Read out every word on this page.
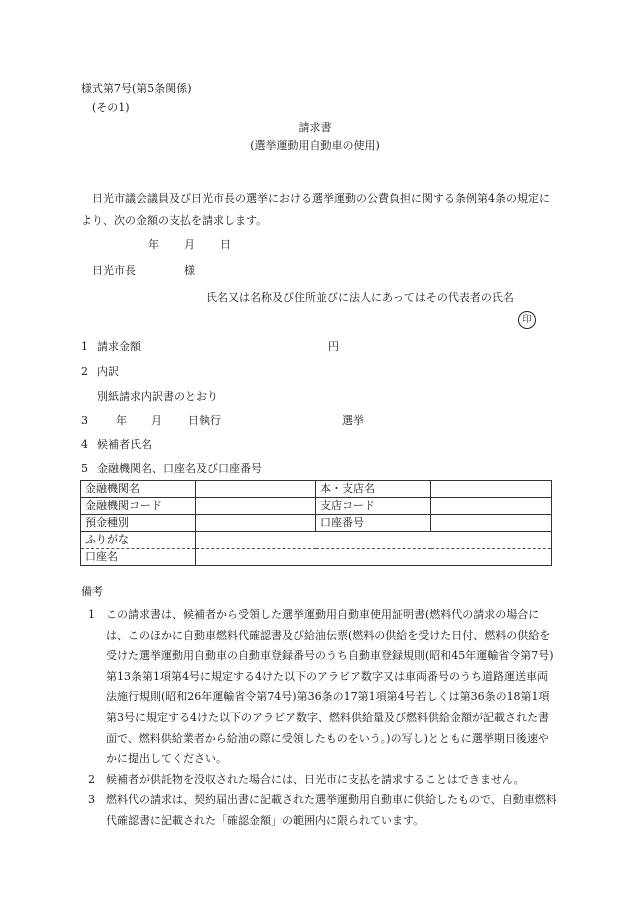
様式第7号(第5条関係)
(その1)
請求書
(選挙運動用自動車の使用)
日光市議会議員及び日光市長の選挙における選挙運動の公費負担に関する条例第4条の規定により、次の金額の支払を請求します。
年 月 日
日光市長	様
氏名又は名称及び住所並びに法人にあってはその代表者の氏名
印
1 請求金額	円
2 内訳
別紙請求内訳書のとおり
3	年 月 日執行	選挙
4 候補者氏名
5 金融機関名、口座名及び口座番号
金融機関名		本・支店名	
金融機関コード		支店コード	
預金種別		口座番号	
ふりがな			
口座名			
備考
1	この請求書は、候補者から受領した選挙運動用自動車使用証明書(燃料代の請求の場合には、このほかに自動車燃料代確認書及び給油伝票(燃料の供給を受けた日付、燃料の供給を受けた選挙運動用自動車の自動車登録番号のうち自動車登録規則(昭和45年運輸省令第7号)第13条第1項第4号に規定する4けた以下のアラビア数字又は車両番号のうち道路運送車両法施行規則(昭和26年運輸省令第74号)第36条の17第1項第4号若しくは第36条の18第1項第3号に規定する4けた以下のアラビア数字、燃料供給量及び燃料供給金額が記載された書面で、燃料供給業者から給油の際に受領したものをいう。)の写し)とともに選挙期日後速やかに提出してください。
2	候補者が供託物を没収された場合には、日光市に支払を請求することはできません。
3	燃料代の請求は、契約届出書に記載された選挙運動用自動車に供給したもので、自動車燃料代確認書に記載された「確認金額」の範囲内に限られています。
